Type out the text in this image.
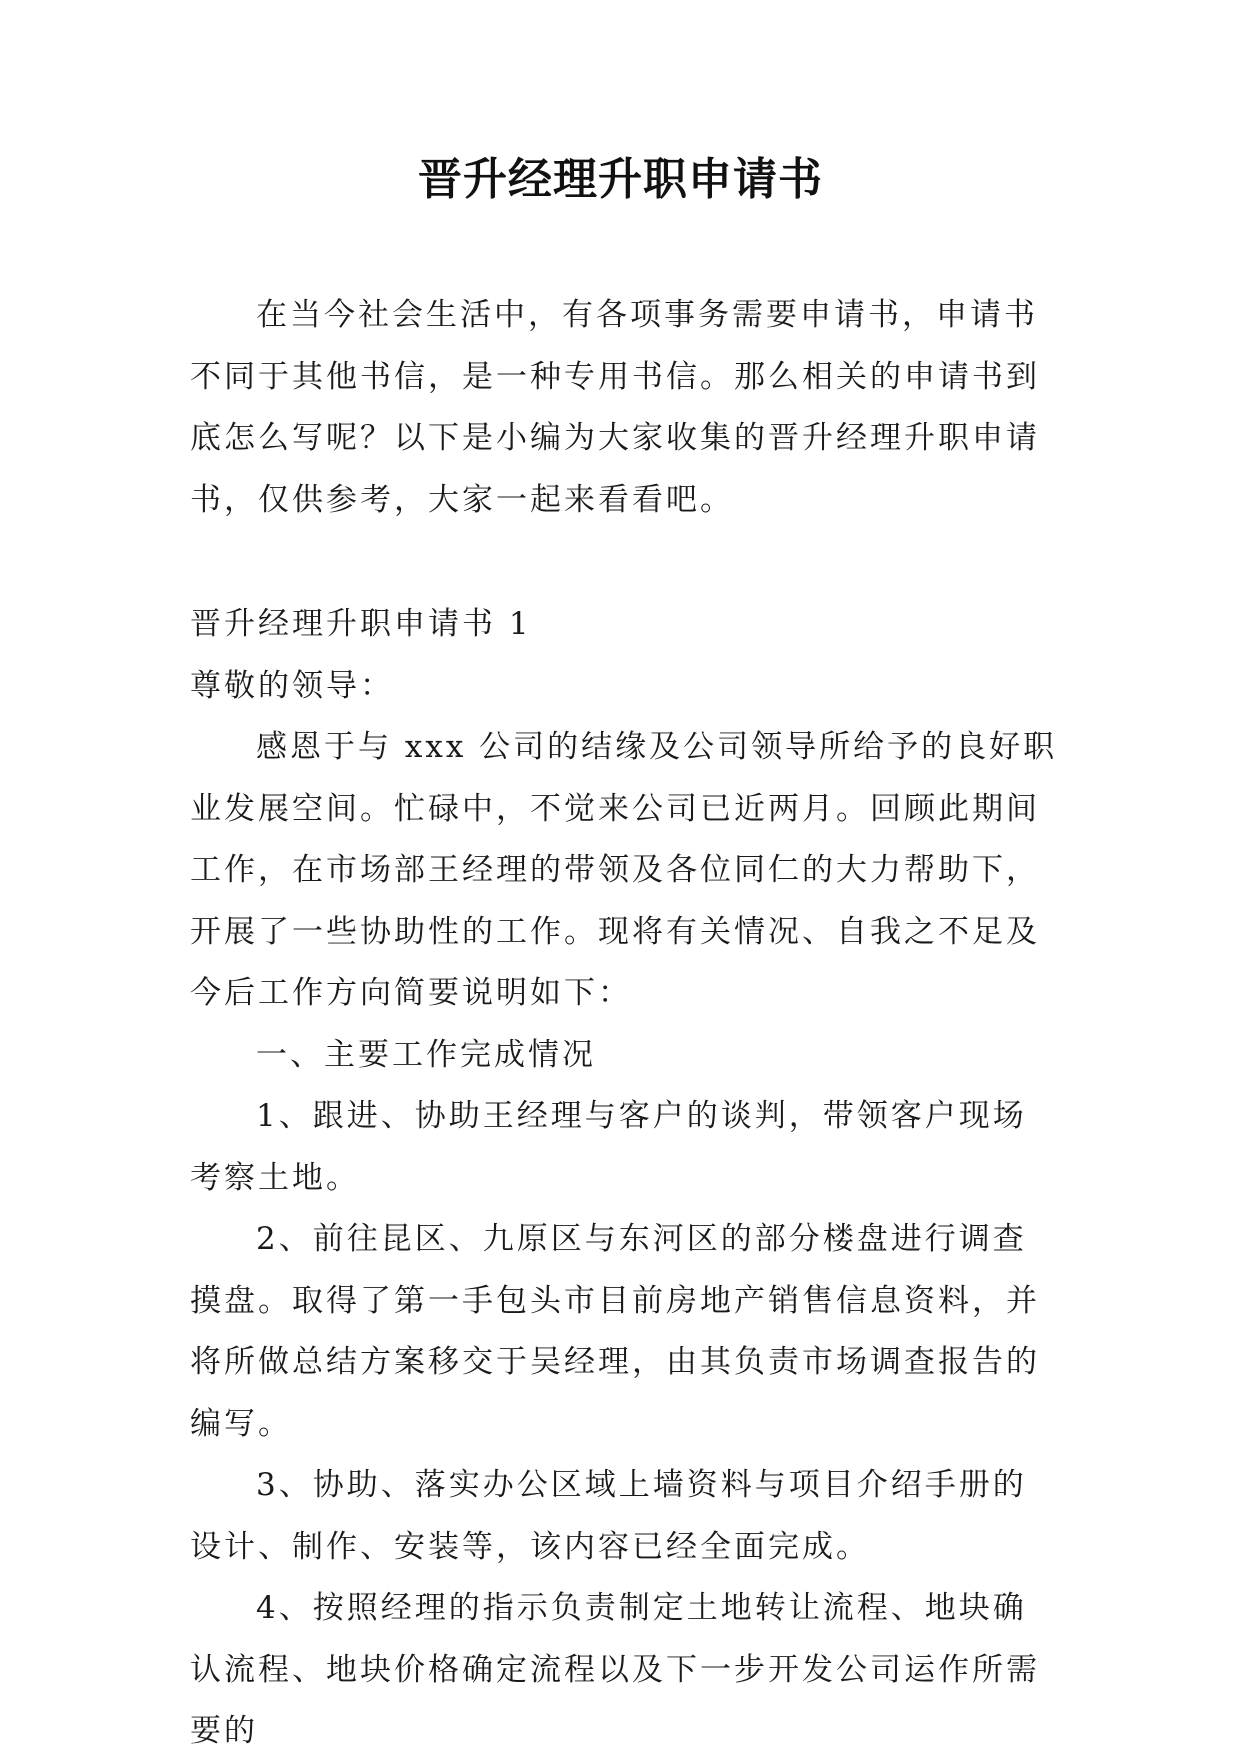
晋升经理升职申请书

在当今社会生活中，有各项事务需要申请书，申请书不同于其他书信，是一种专用书信。那么相关的申请书到底怎么写呢？以下是小编为大家收集的晋升经理升职申请书，仅供参考，大家一起来看看吧。

晋升经理升职申请书 1

尊敬的领导：

感恩于与 xxx 公司的结缘及公司领导所给予的良好职业发展空间。忙碌中，不觉来公司已近两月。回顾此期间工作，在市场部王经理的带领及各位同仁的大力帮助下，开展了一些协助性的工作。现将有关情况、自我之不足及今后工作方向简要说明如下：

一、主要工作完成情况

1、跟进、协助王经理与客户的谈判，带领客户现场考察土地。

2、前往昆区、九原区与东河区的部分楼盘进行调查摸盘。取得了第一手包头市目前房地产销售信息资料，并将所做总结方案移交于吴经理，由其负责市场调查报告的编写。

3、协助、落实办公区域上墙资料与项目介绍手册的设计、制作、安装等，该内容已经全面完成。

4、按照经理的指示负责制定土地转让流程、地块确认流程、地块价格确定流程以及下一步开发公司运作所需要的
